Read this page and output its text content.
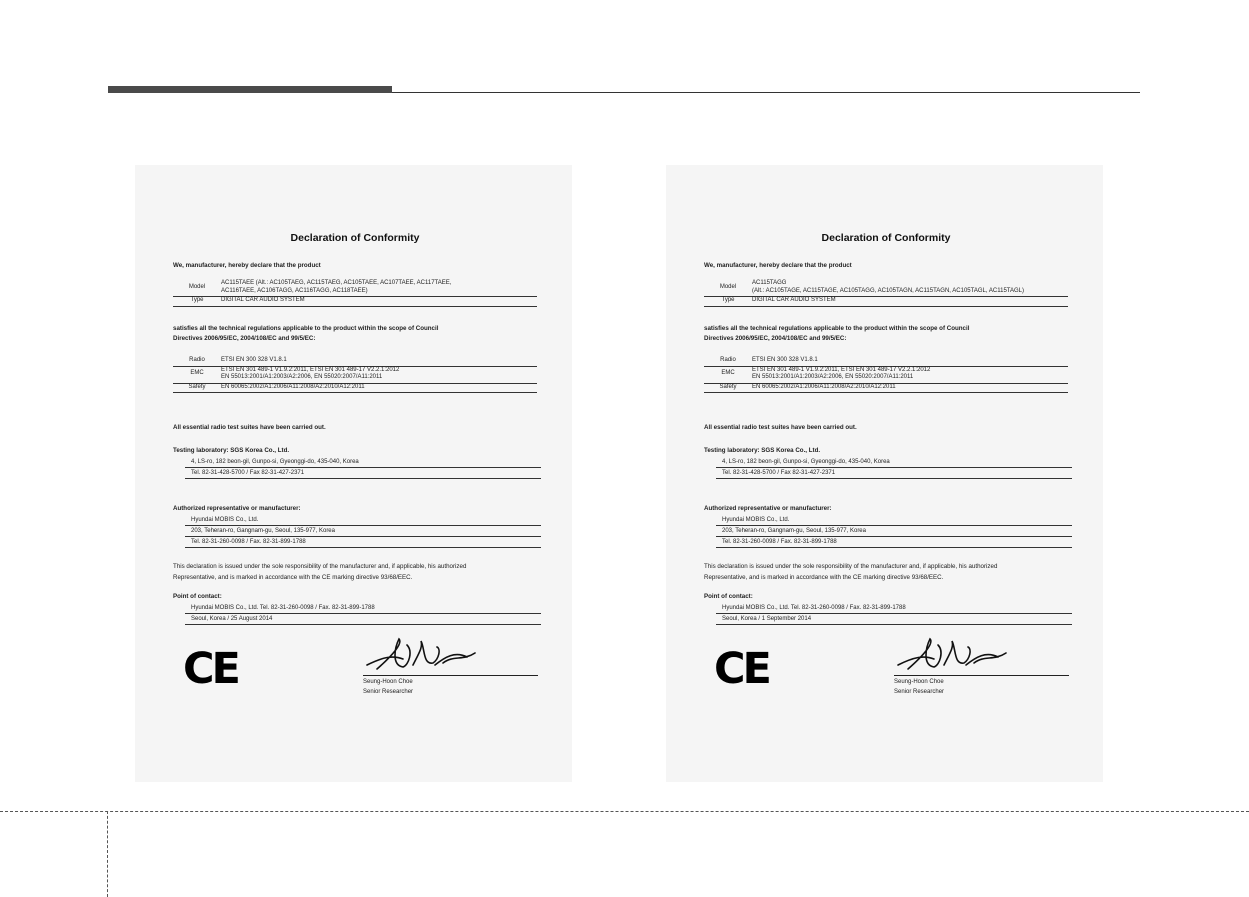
Declaration of Conformity
We, manufacturer, hereby declare that the product
Model	AC115TAEE (Alt.: AC105TAEG, AC115TAEG, AC105TAEE, AC107TAEE, AC117TAEE,
AC116TAEE, AC106TAGG, AC116TAGG, AC118TAEE)

Type	DIGITAL CAR AUDIO SYSTEM
satisfies all the technical regulations applicable to the product within the scope of Council
Directives 2006/95/EC, 2004/108/EC and 99/5/EC:
Radio	ETSI EN 300 328 V1.8.1
EMC	ETSI EN 301 489-1 V1.9.2:2011, ETSI EN 301 489-17 V2.2.1:2012
EN 55013:2001/A1:2003/A2:2006, EN 55020:2007/A11:2011

Safety	EN 60065:2002/A1:2006/A11:2008/A2:2010/A12:2011
All essential radio test suites have been carried out.
Testing laboratory: SGS Korea Co., Ltd.
4, LS-ro, 182 beon-gil, Gunpo-si, Gyeonggi-do, 435-040, Korea
Tel. 82-31-428-5700 / Fax 82-31-427-2371
Authorized representative or manufacturer:
Hyundai MOBIS Co., Ltd.
203, Teheran-ro, Gangnam-gu, Seoul, 135-977, Korea
Tel. 82-31-260-0098 / Fax. 82-31-899-1788
This declaration is issued under the sole responsibility of the manufacturer and, if applicable, his authorized
Representative, and is marked in accordance with the CE marking directive 93/68/EEC.
Point of contact:
Hyundai MOBIS Co., Ltd. Tel. 82-31-260-0098 / Fax. 82-31-899-1788
Seoul, Korea / 25 August 2014
CE	Seung-Hoon Choe
Senior Researcher
Declaration of Conformity
We, manufacturer, hereby declare that the product
Model	AC115TAGG
(Alt.: AC105TAGE, AC115TAGE, AC105TAGG, AC105TAGN, AC115TAGN, AC105TAGL, AC115TAGL)

Type	DIGITAL CAR AUDIO SYSTEM
satisfies all the technical regulations applicable to the product within the scope of Council
Directives 2006/95/EC, 2004/108/EC and 99/5/EC:
Radio	ETSI EN 300 328 V1.8.1
EMC	ETSI EN 301 489-1 V1.9.2:2011, ETSI EN 301 489-17 V2.2.1:2012
EN 55013:2001/A1:2003/A2:2006, EN 55020:2007/A11:2011

Safety	EN 60065:2002/A1:2006/A11:2008/A2:2010/A12:2011
All essential radio test suites have been carried out.
Testing laboratory: SGS Korea Co., Ltd.
4, LS-ro, 182 beon-gil, Gunpo-si, Gyeonggi-do, 435-040, Korea
Tel. 82-31-428-5700 / Fax 82-31-427-2371
Authorized representative or manufacturer:
Hyundai MOBIS Co., Ltd.
203, Teheran-ro, Gangnam-gu, Seoul, 135-977, Korea
Tel. 82-31-260-0098 / Fax. 82-31-899-1788
This declaration is issued under the sole responsibility of the manufacturer and, if applicable, his authorized
Representative, and is marked in accordance with the CE marking directive 93/68/EEC.
Point of contact:
Hyundai MOBIS Co., Ltd. Tel. 82-31-260-0098 / Fax. 82-31-899-1788
Seoul, Korea / 1 September 2014
CE	Seung-Hoon Choe
Senior Researcher
